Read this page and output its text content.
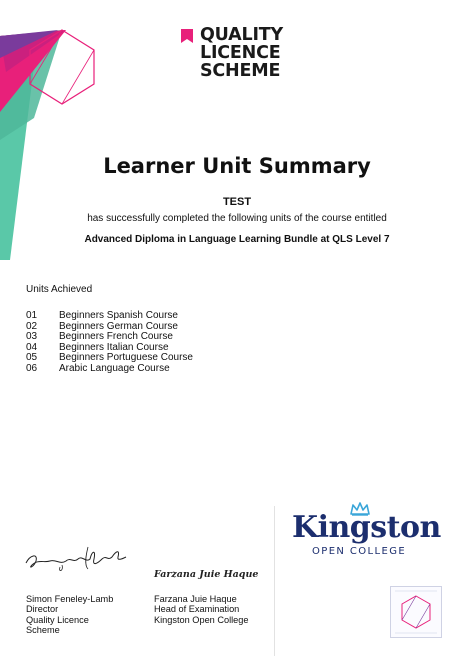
QUALITY
LICENCE
SCHEME
Learner Unit Summary
TEST
has successfully completed the following units of the course entitled
Advanced Diploma in Language Learning Bundle at QLS Level 7
Units Achieved
01	Beginners Spanish Course
02	Beginners German Course
03	Beginners French Course
04	Beginners Italian Course
05	Beginners Portuguese Course
06	Arabic Language Course
Farzana Juie Haque
Simon Feneley-Lamb
Director
Quality Licence
Scheme
Farzana Juie Haque
Head of Examination
Kingston Open College
Kingston
OPEN COLLEGE
